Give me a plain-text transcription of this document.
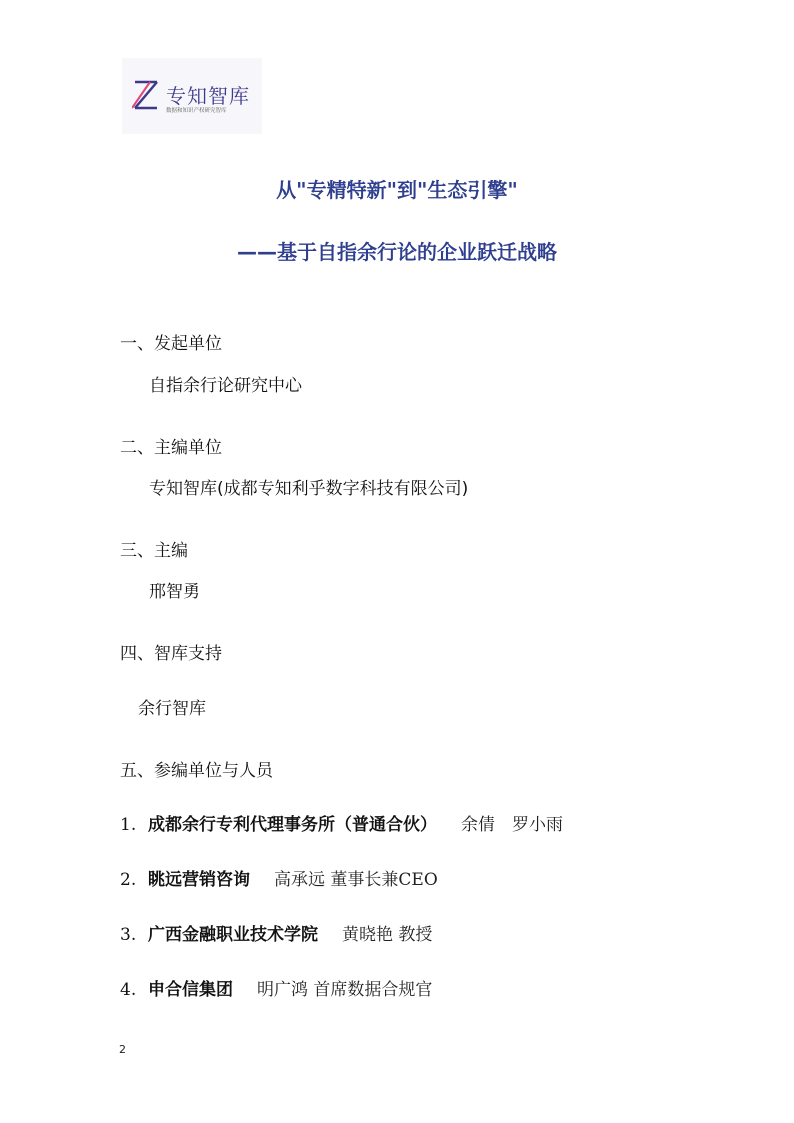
专知智库
数据和知识产权研究智库
从"专精特新"到"生态引擎"
——基于自指余行论的企业跃迁战略
一、发起单位
自指余行论研究中心
二、主编单位
专知智库(成都专知利乎数字科技有限公司)
三、主编
邢智勇
四、智库支持
余行智库
五、参编单位与人员
1. 成都余行专利代理事务所（普通合伙） 余倩　罗小雨
2. 眺远营销咨询 高承远 董事长兼CEO
3. 广西金融职业技术学院 黄晓艳 教授
4. 申合信集团 明广鸿 首席数据合规官
2
